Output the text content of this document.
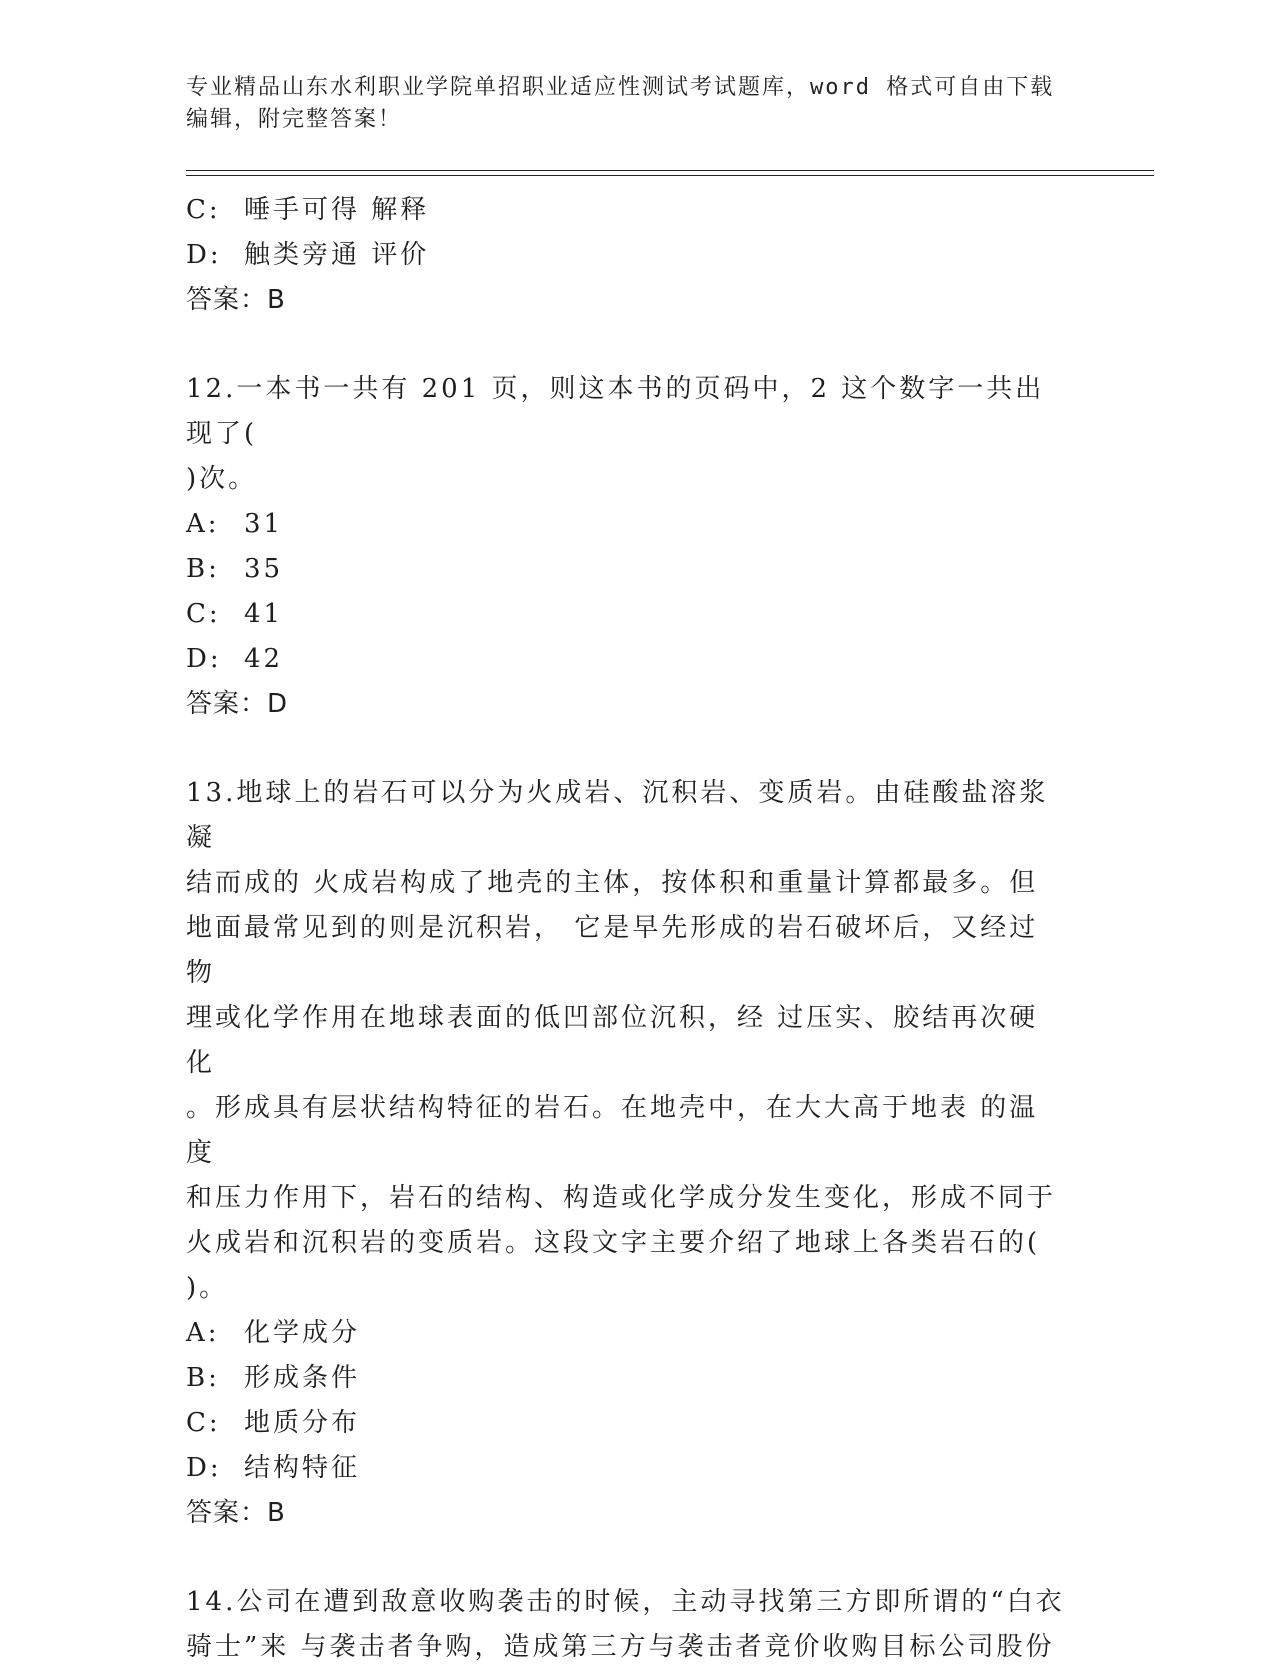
专业精品山东水利职业学院单招职业适应性测试考试题库，word 格式可自由下载
编辑，附完整答案！
C: 唾手可得 解释
D: 触类旁通 评价
答案：B
12.一本书一共有 201 页，则这本书的页码中，2 这个数字一共出现了(
)次。
A: 31
B: 35
C: 41
D: 42
答案：D
13.地球上的岩石可以分为火成岩、沉积岩、变质岩。由硅酸盐溶浆凝
结而成的 火成岩构成了地壳的主体，按体积和重量计算都最多。但
地面最常见到的则是沉积岩， 它是早先形成的岩石破坏后，又经过物
理或化学作用在地球表面的低凹部位沉积，经 过压实、胶结再次硬化
。形成具有层状结构特征的岩石。在地壳中，在大大高于地表 的温度
和压力作用下，岩石的结构、构造或化学成分发生变化，形成不同于
火成岩和沉积岩的变质岩。这段文字主要介绍了地球上各类岩石的(
)。
A: 化学成分
B: 形成条件
C: 地质分布
D: 结构特征
答案：B
14.公司在遭到敌意收购袭击的时候，主动寻找第三方即所谓的“白衣
骑士”来 与袭击者争购，造成第三方与袭击者竞价收购目标公司股份
